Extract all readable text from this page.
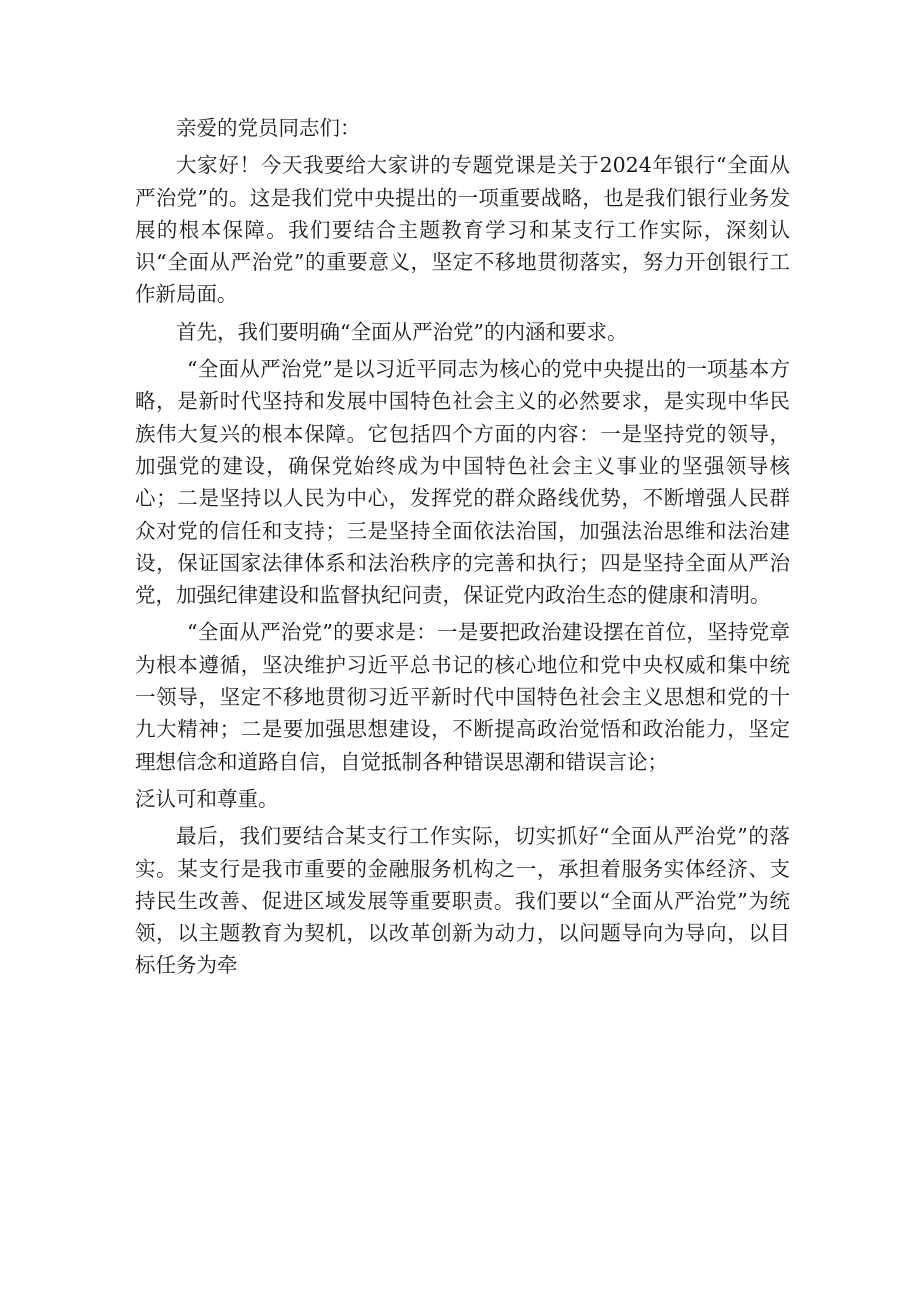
亲爱的党员同志们：

大家好！今天我要给大家讲的专题党课是关于2024年银行“全面从严治党”的。这是我们党中央提出的一项重要战略，也是我们银行业务发展的根本保障。我们要结合主题教育学习和某支行工作实际，深刻认识“全面从严治党”的重要意义，坚定不移地贯彻落实，努力开创银行工作新局面。

首先，我们要明确“全面从严治党”的内涵和要求。

“全面从严治党”是以习近平同志为核心的党中央提出的一项基本方略，是新时代坚持和发展中国特色社会主义的必然要求，是实现中华民族伟大复兴的根本保障。它包括四个方面的内容：一是坚持党的领导，加强党的建设，确保党始终成为中国特色社会主义事业的坚强领导核心；二是坚持以人民为中心，发挥党的群众路线优势，不断增强人民群众对党的信任和支持；三是坚持全面依法治国，加强法治思维和法治建设，保证国家法律体系和法治秩序的完善和执行；四是坚持全面从严治党，加强纪律建设和监督执纪问责，保证党内政治生态的健康和清明。

“全面从严治党”的要求是：一是要把政治建设摆在首位，坚持党章为根本遵循，坚决维护习近平总书记的核心地位和党中央权威和集中统一领导，坚定不移地贯彻习近平新时代中国特色社会主义思想和党的十九大精神；二是要加强思想建设，不断提高政治觉悟和政治能力，坚定理想信念和道路自信，自觉抵制各种错误思潮和错误言论；

泛认可和尊重。

最后，我们要结合某支行工作实际，切实抓好“全面从严治党”的落实。某支行是我市重要的金融服务机构之一，承担着服务实体经济、支持民生改善、促进区域发展等重要职责。我们要以“全面从严治党”为统领，以主题教育为契机，以改革创新为动力，以问题导向为导向，以目标任务为牵
